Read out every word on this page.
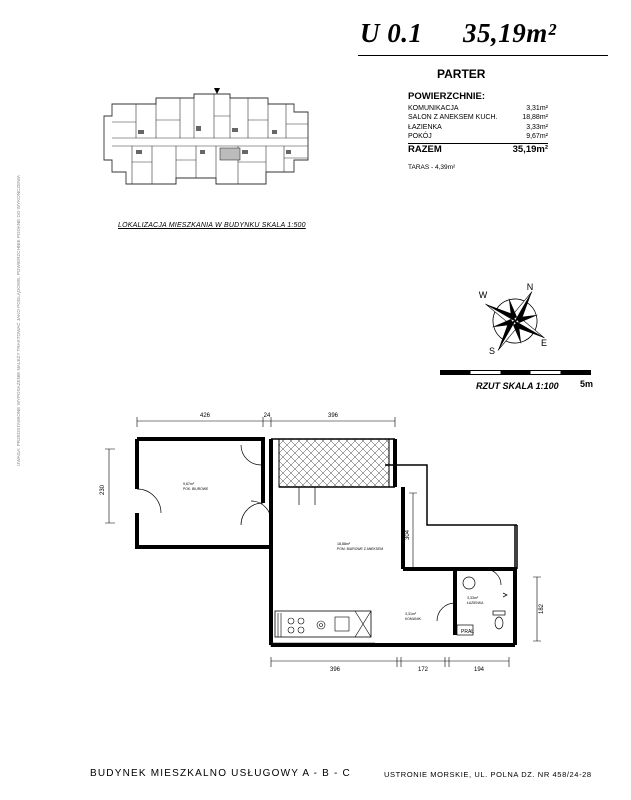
U 0.1 35,19m²
PARTER
POWIERZCHNIE:
KOMUNIKACJA	3,31m²
SALON Z ANEKSEM KUCH.	18,88m²
ŁAZIENKA	3,33m²
POKÓJ	9,67m²
RAZEM	35,19m²
TARAS - 4,39m²
LOKALIZACJA MIESZKANIA W BUDYNKU SKALA 1:500
N
W
E
S
RZUT SKALA 1:100 5m
426	24	396
230
182
304
396	172	194
9,67m²
POK. BIUROWE
18,88m²
POM. BIUROWE Z ANEKSEM
3,31m²
KOMUNIK.
3,33m²
ŁAZIENKA
PRAL
UWAGA: PRZEDSTAWIONE WYPOSAŻENIE NALEŻY TRAKTOWAĆ JAKO POGLĄDOWE, POWIERZCHNIE PODANE DO WYKOŃCZENIA
BUDYNEK MIESZKALNO USŁUGOWY A - B - C	USTRONIE MORSKIE, UL. POLNA DZ. NR 458/24-28
